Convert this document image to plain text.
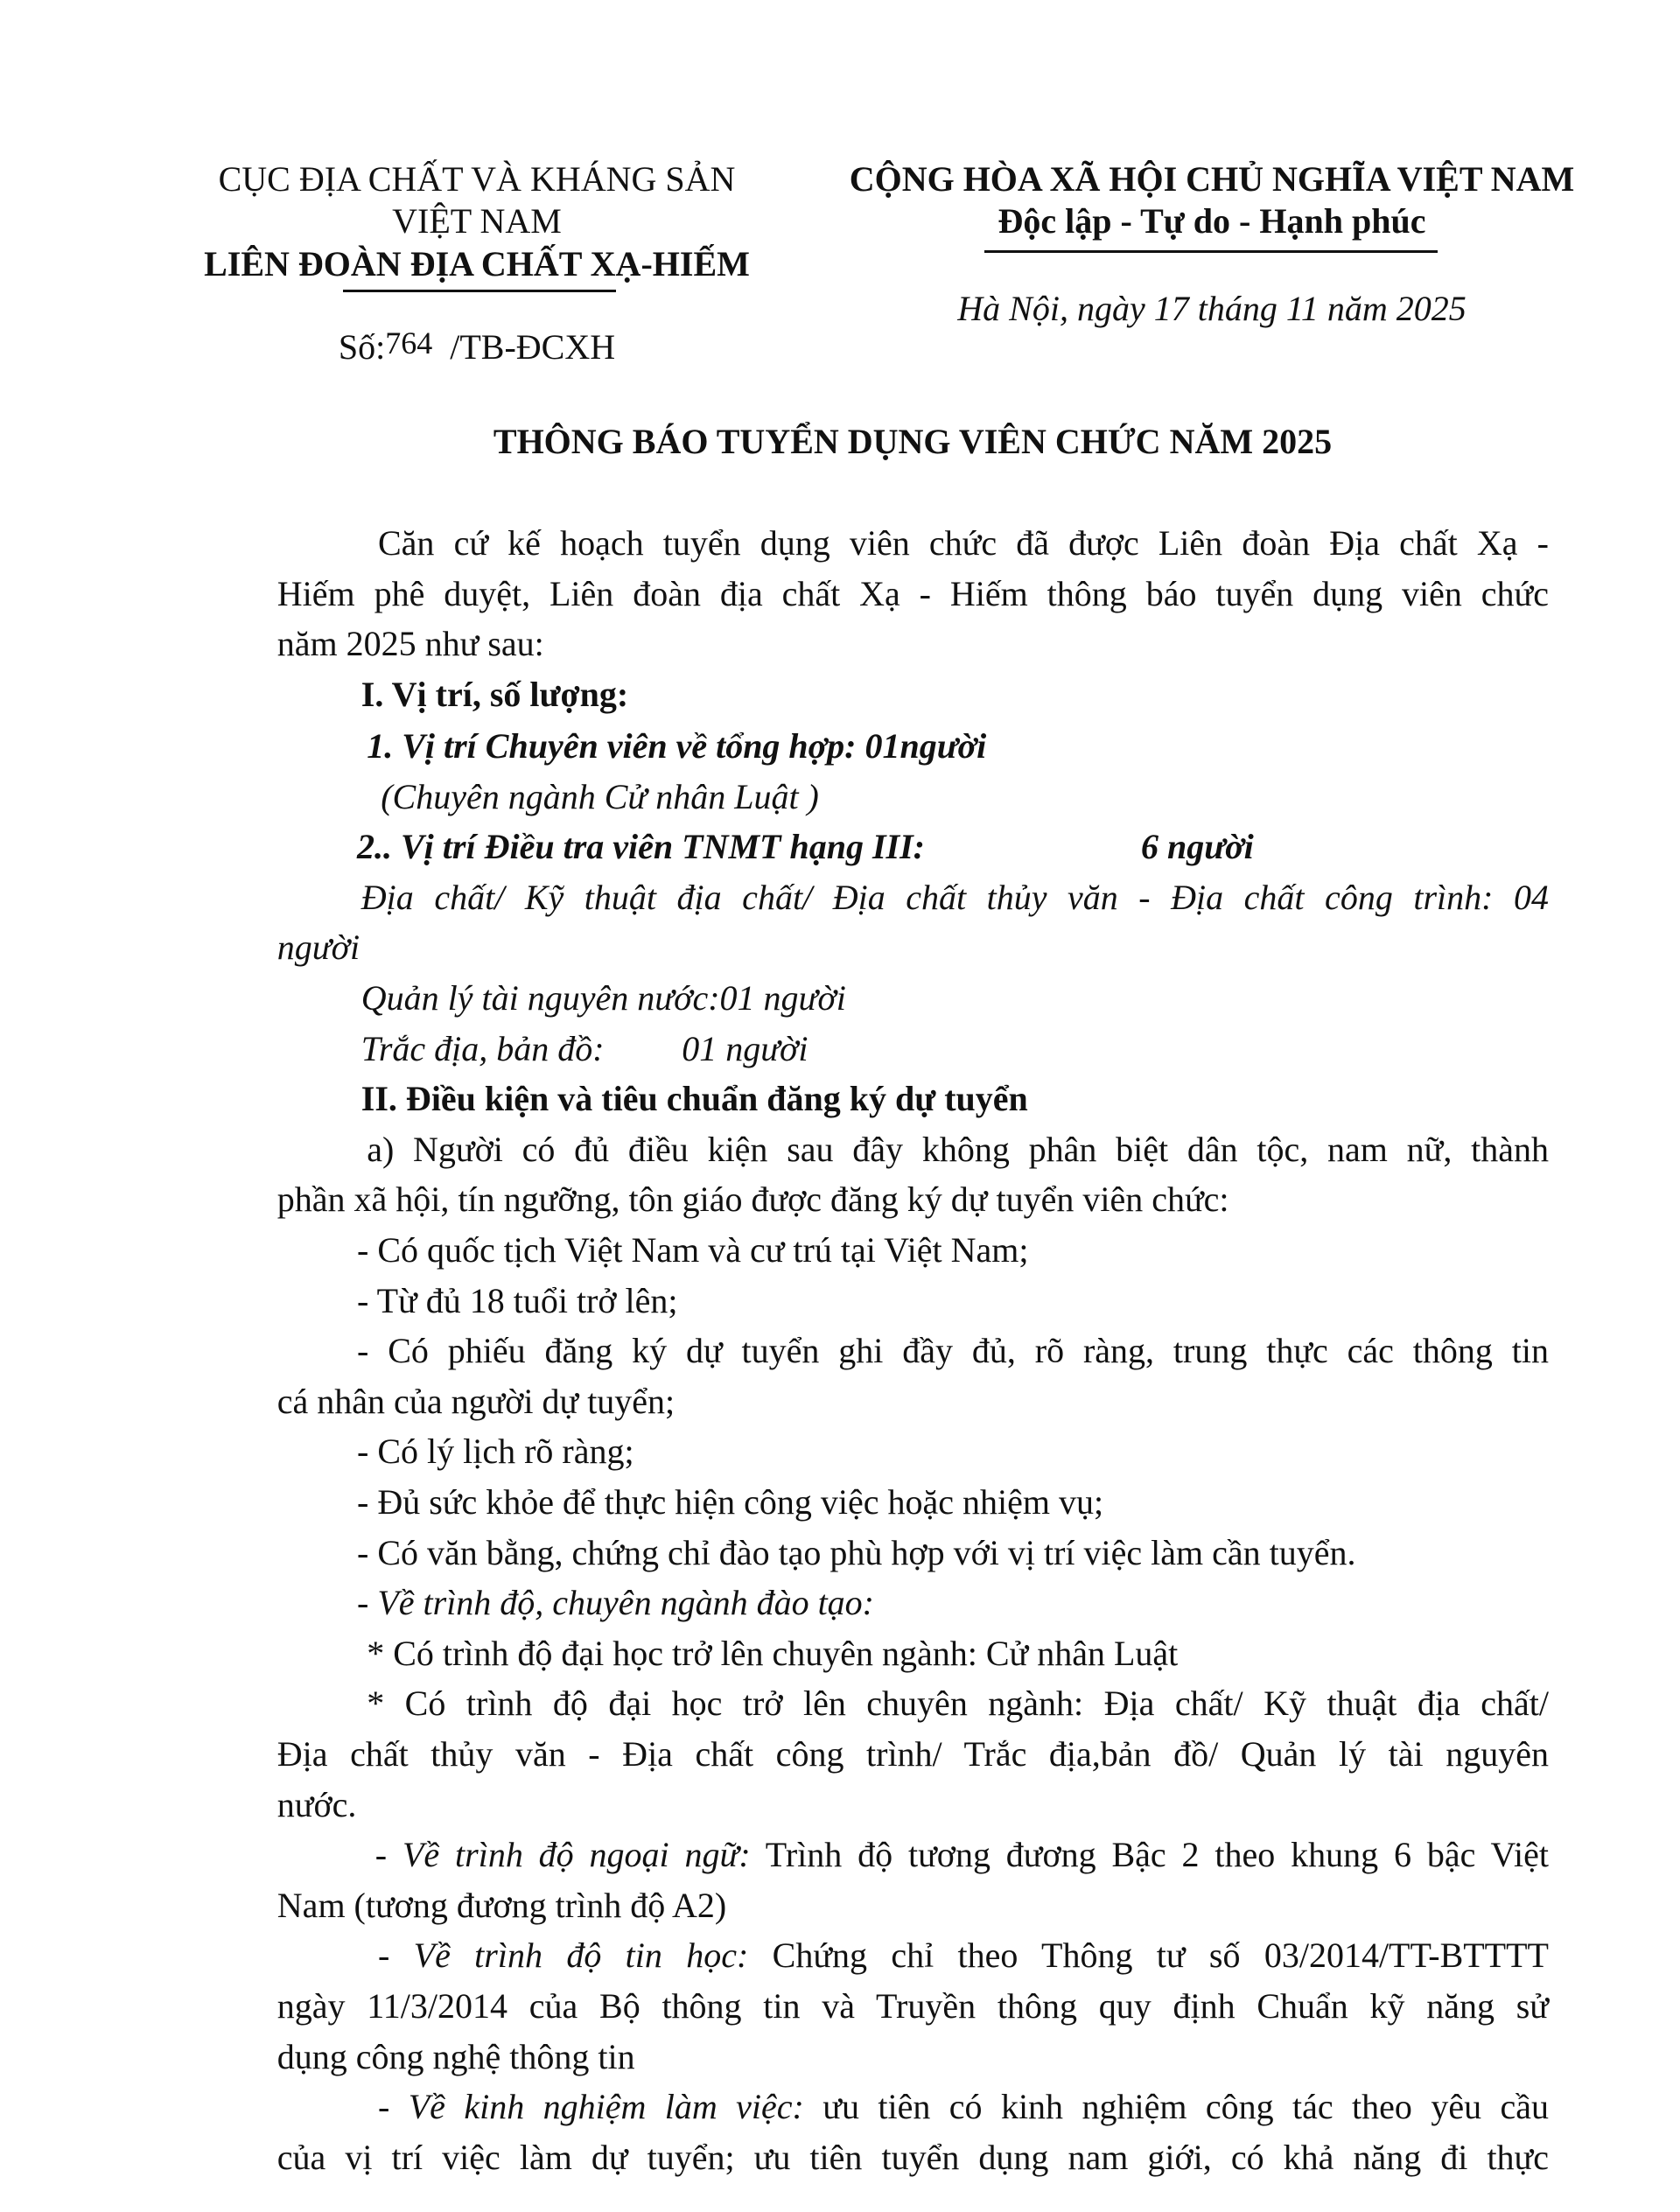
CỤC ĐỊA CHẤT VÀ KHÁNG SẢN
VIỆT NAM
LIÊN ĐOÀN ĐỊA CHẤT XẠ-HIẾM
Số:764 /TB-ĐCXH
CỘNG HÒA XÃ HỘI CHỦ NGHĨA VIỆT NAM
Độc lập - Tự do - Hạnh phúc
Hà Nội, ngày 17 tháng 11 năm 2025
THÔNG BÁO TUYỂN DỤNG VIÊN CHỨC NĂM 2025
Căn cứ kế hoạch tuyển dụng viên chức đã được Liên đoàn Địa chất Xạ -
Hiếm phê duyệt, Liên đoàn địa chất Xạ - Hiếm thông báo tuyển dụng viên chức
năm 2025 như sau:
I. Vị trí, số lượng:
1. Vị trí Chuyên viên về tổng hợp: 01người
(Chuyên ngành Cử nhân Luật )
2.. Vị trí Điều tra viên TNMT hạng III:	6 người
Địa chất/ Kỹ thuật địa chất/ Địa chất thủy văn - Địa chất công trình: 04
người
Quản lý tài nguyên nước:01 người
Trắc địa, bản đồ: 01 người
II. Điều kiện và tiêu chuẩn đăng ký dự tuyển
a) Người có đủ điều kiện sau đây không phân biệt dân tộc, nam nữ, thành
phần xã hội, tín ngưỡng, tôn giáo được đăng ký dự tuyển viên chức:
- Có quốc tịch Việt Nam và cư trú tại Việt Nam;
- Từ đủ 18 tuổi trở lên;
- Có phiếu đăng ký dự tuyển ghi đầy đủ, rõ ràng, trung thực các thông tin
cá nhân của người dự tuyển;
- Có lý lịch rõ ràng;
- Đủ sức khỏe để thực hiện công việc hoặc nhiệm vụ;
- Có văn bằng, chứng chỉ đào tạo phù hợp với vị trí việc làm cần tuyển.
- Về trình độ, chuyên ngành đào tạo:
* Có trình độ đại học trở lên chuyên ngành: Cử nhân Luật
* Có trình độ đại học trở lên chuyên ngành: Địa chất/ Kỹ thuật địa chất/
Địa chất thủy văn - Địa chất công trình/ Trắc địa,bản đồ/ Quản lý tài nguyên
nước.
- Về trình độ ngoại ngữ: Trình độ tương đương Bậc 2 theo khung 6 bậc Việt
Nam (tương đương trình độ A2)
- Về trình độ tin học: Chứng chỉ theo Thông tư số 03/2014/TT-BTTTT
ngày 11/3/2014 của Bộ thông tin và Truyền thông quy định Chuẩn kỹ năng sử
dụng công nghệ thông tin
- Về kinh nghiệm làm việc: ưu tiên có kinh nghiệm công tác theo yêu cầu
của vị trí việc làm dự tuyển; ưu tiên tuyển dụng nam giới, có khả năng đi thực
